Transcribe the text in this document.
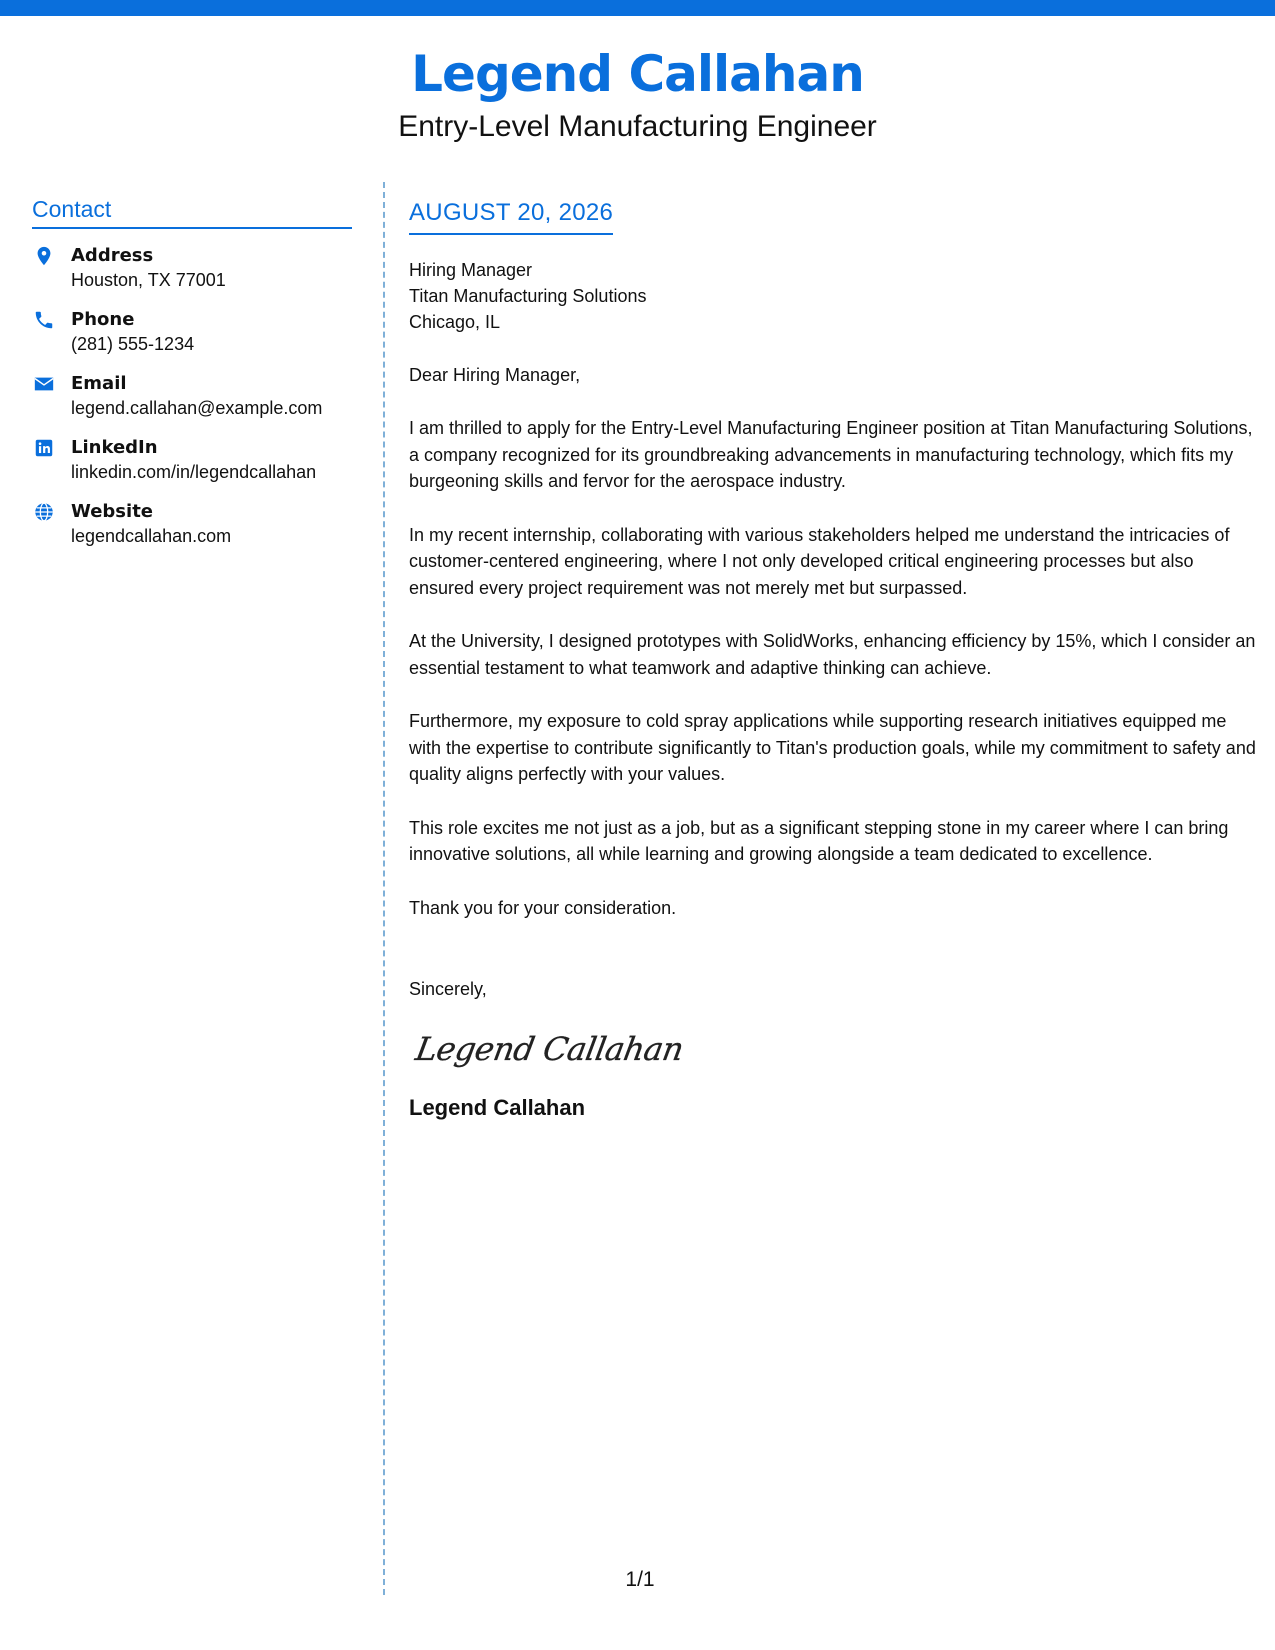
Legend Callahan
Entry-Level Manufacturing Engineer
Contact
Address
Houston, TX 77001
Phone
(281) 555-1234
Email
legend.callahan@example.com
LinkedIn
linkedin.com/in/legendcallahan
Website
legendcallahan.com
AUGUST 20, 2026
Hiring Manager
Titan Manufacturing Solutions
Chicago, IL
Dear Hiring Manager,
I am thrilled to apply for the Entry-Level Manufacturing Engineer position at Titan Manufacturing Solutions, a company recognized for its groundbreaking advancements in manufacturing technology, which fits my burgeoning skills and fervor for the aerospace industry.
In my recent internship, collaborating with various stakeholders helped me understand the intricacies of customer-centered engineering, where I not only developed critical engineering processes but also ensured every project requirement was not merely met but surpassed.
At the University, I designed prototypes with SolidWorks, enhancing efficiency by 15%, which I consider an essential testament to what teamwork and adaptive thinking can achieve.
Furthermore, my exposure to cold spray applications while supporting research initiatives equipped me with the expertise to contribute significantly to Titan's production goals, while my commitment to safety and quality aligns perfectly with your values.
This role excites me not just as a job, but as a significant stepping stone in my career where I can bring innovative solutions, all while learning and growing alongside a team dedicated to excellence.
Thank you for your consideration.
Sincerely,
Legend Callahan
Legend Callahan
1/1
